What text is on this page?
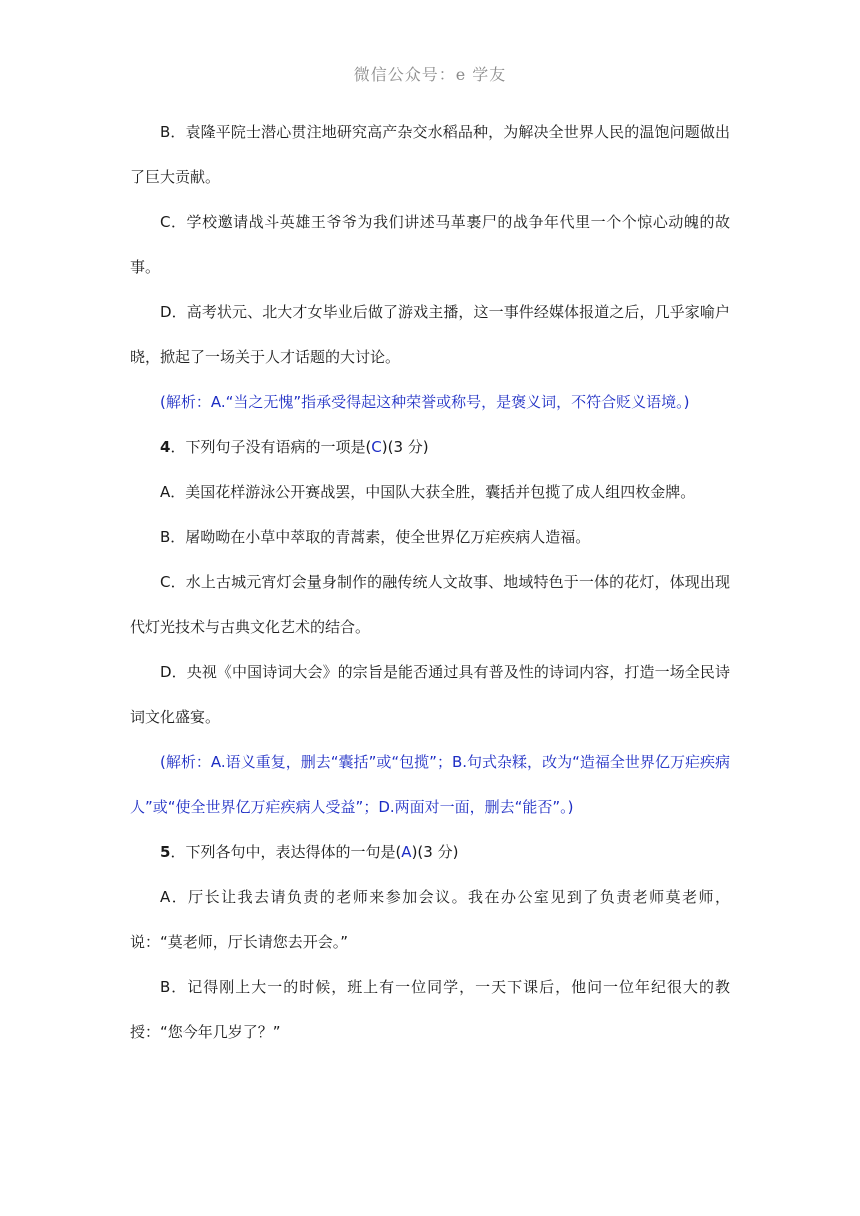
微信公众号：e 学友

B．袁隆平院士潜心贯注地研究高产杂交水稻品种，为解决全世界人民的温饱问题做出了巨大贡献。

C．学校邀请战斗英雄王爷爷为我们讲述马革裹尸的战争年代里一个个惊心动魄的故事。

D．高考状元、北大才女毕业后做了游戏主播，这一事件经媒体报道之后，几乎家喻户晓，掀起了一场关于人才话题的大讨论。

(解析：A.“当之无愧”指承受得起这种荣誉或称号，是褒义词，不符合贬义语境。)

4．下列句子没有语病的一项是(C)(3 分)

A．美国花样游泳公开赛战罢，中国队大获全胜，囊括并包揽了成人组四枚金牌。

B．屠呦呦在小草中萃取的青蒿素，使全世界亿万疟疾病人造福。

C．水上古城元宵灯会量身制作的融传统人文故事、地域特色于一体的花灯，体现出现代灯光技术与古典文化艺术的结合。

D．央视《中国诗词大会》的宗旨是能否通过具有普及性的诗词内容，打造一场全民诗词文化盛宴。

(解析：A.语义重复，删去“囊括”或“包揽”；B.句式杂糅，改为“造福全世界亿万疟疾病人”或“使全世界亿万疟疾病人受益”；D.两面对一面，删去“能否”。)

5．下列各句中，表达得体的一句是(A)(3 分)

A．厅长让我去请负责的老师来参加会议。我在办公室见到了负责老师莫老师，说：“莫老师，厅长请您去开会。”

B．记得刚上大一的时候，班上有一位同学，一天下课后，他问一位年纪很大的教授：“您今年几岁了？”
